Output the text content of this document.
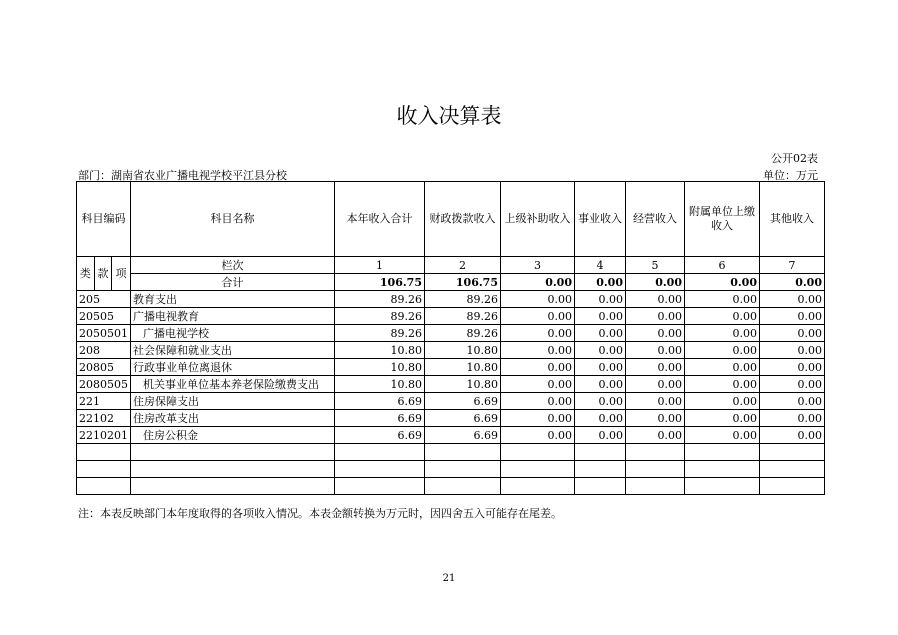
收入决算表
公开02表
部门：湖南省农业广播电视学校平江县分校	单位：万元
科目编码			科目名称	本年收入合计	财政拨款收入	上级补助收入	事业收入	经营收入	附属单位上缴收入	其他收入
类	款	项	栏次	1	2	3	4	5	6	7
			合计	106.75	106.75	0.00	0.00	0.00	0.00	0.00
205			教育支出	89.26	89.26	0.00	0.00	0.00	0.00	0.00
20505			广播电视教育	89.26	89.26	0.00	0.00	0.00	0.00	0.00
2050501			广播电视学校	89.26	89.26	0.00	0.00	0.00	0.00	0.00
208			社会保障和就业支出	10.80	10.80	0.00	0.00	0.00	0.00	0.00
20805			行政事业单位离退休	10.80	10.80	0.00	0.00	0.00	0.00	0.00
2080505			机关事业单位基本养老保险缴费支出	10.80	10.80	0.00	0.00	0.00	0.00	0.00
221			住房保障支出	6.69	6.69	0.00	0.00	0.00	0.00	0.00
22102			住房改革支出	6.69	6.69	0.00	0.00	0.00	0.00	0.00
2210201			住房公积金	6.69	6.69	0.00	0.00	0.00	0.00	0.00

注：本表反映部门本年度取得的各项收入情况。本表金额转换为万元时，因四舍五入可能存在尾差。
21
